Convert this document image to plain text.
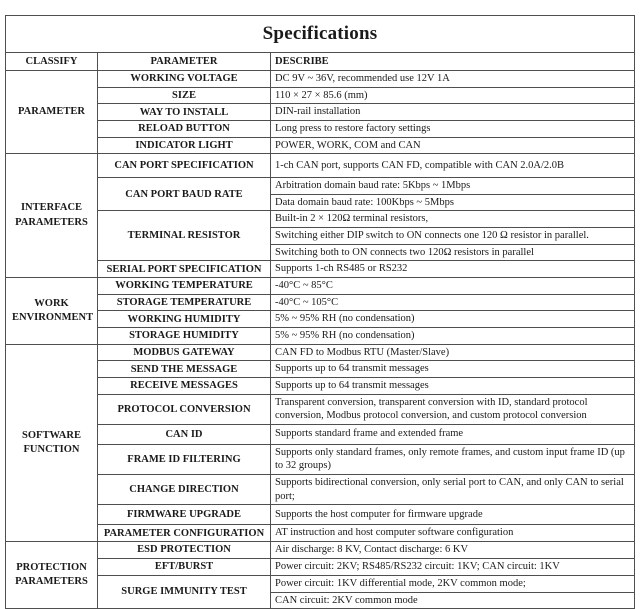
Specifications		
CLASSIFY	PARAMETER	DESCRIBE
PARAMETER	WORKING VOLTAGE	DC 9V ~ 36V, recommended use 12V 1A
	SIZE	110 × 27 × 85.6 (mm)
	WAY TO INSTALL	DIN-rail installation
	RELOAD BUTTON	Long press to restore factory settings
	INDICATOR LIGHT	POWER, WORK, COM and CAN
INTERFACE PARAMETERS	CAN PORT SPECIFICATION	1-ch CAN port, supports CAN FD, compatible with CAN 2.0A/2.0B
	CAN PORT BAUD RATE	Arbitration domain baud rate: 5Kbps ~ 1Mbps
		Data domain baud rate: 100Kbps ~ 5Mbps
	TERMINAL RESISTOR	Built-in 2 × 120Ω terminal resistors,
		Switching either DIP switch to ON connects one 120 Ω resistor in parallel.
		Switching both to ON connects two 120Ω resistors in parallel
	SERIAL PORT SPECIFICATION	Supports 1-ch RS485 or RS232
WORK ENVIRONMENT	WORKING TEMPERATURE	-40°C ~ 85°C
	STORAGE TEMPERATURE	-40°C ~ 105°C
	WORKING HUMIDITY	5% ~ 95% RH (no condensation)
	STORAGE HUMIDITY	5% ~ 95% RH (no condensation)
SOFTWARE FUNCTION	MODBUS GATEWAY	CAN FD to Modbus RTU (Master/Slave)
	SEND THE MESSAGE	Supports up to 64 transmit messages
	RECEIVE MESSAGES	Supports up to 64 transmit messages
	PROTOCOL CONVERSION	Transparent conversion, transparent conversion with ID, standard protocol conversion, Modbus protocol conversion, and custom protocol conversion
	CAN ID	Supports standard frame and extended frame
	FRAME ID FILTERING	Supports only standard frames, only remote frames, and custom input frame ID (up to 32 groups)
	CHANGE DIRECTION	Supports bidirectional conversion, only serial port to CAN, and only CAN to serial port;
	FIRMWARE UPGRADE	Supports the host computer for firmware upgrade
	PARAMETER CONFIGURATION	AT instruction and host computer software configuration
PROTECTION PARAMETERS	ESD PROTECTION	Air discharge: 8 KV, Contact discharge: 6 KV
	EFT/BURST	Power circuit: 2KV; RS485/RS232 circuit: 1KV; CAN circuit: 1KV
	SURGE IMMUNITY TEST	Power circuit: 1KV differential mode, 2KV common mode;
		CAN circuit: 2KV common mode
